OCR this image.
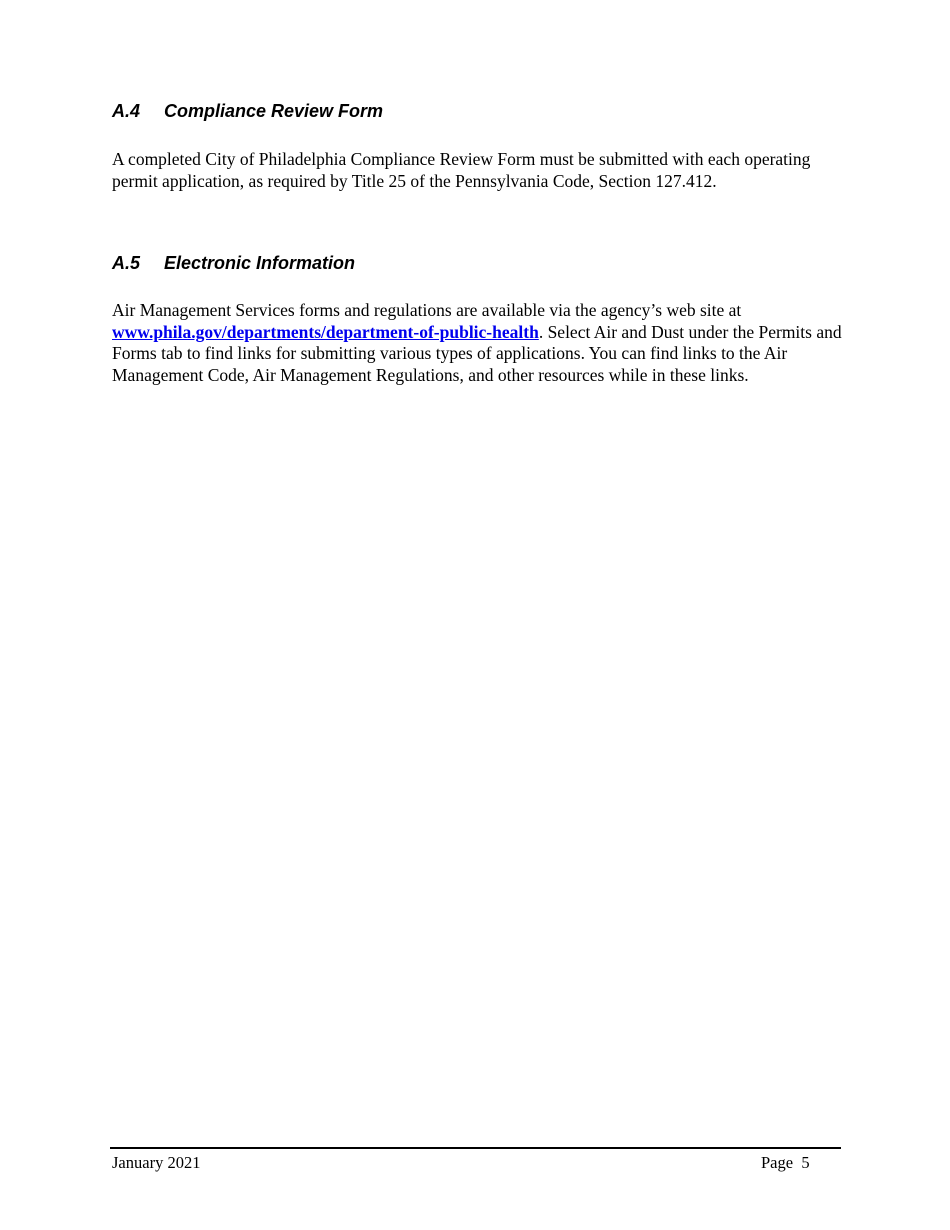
A.4 Compliance Review Form
A completed City of Philadelphia Compliance Review Form must be submitted with each operating permit application, as required by Title 25 of the Pennsylvania Code, Section 127.412.
A.5 Electronic Information
Air Management Services forms and regulations are available via the agency’s web site at www.phila.gov/departments/department-of-public-health. Select Air and Dust under the Permits and Forms tab to find links for submitting various types of applications. You can find links to the Air Management Code, Air Management Regulations, and other resources while in these links.
January 2021	Page 5
